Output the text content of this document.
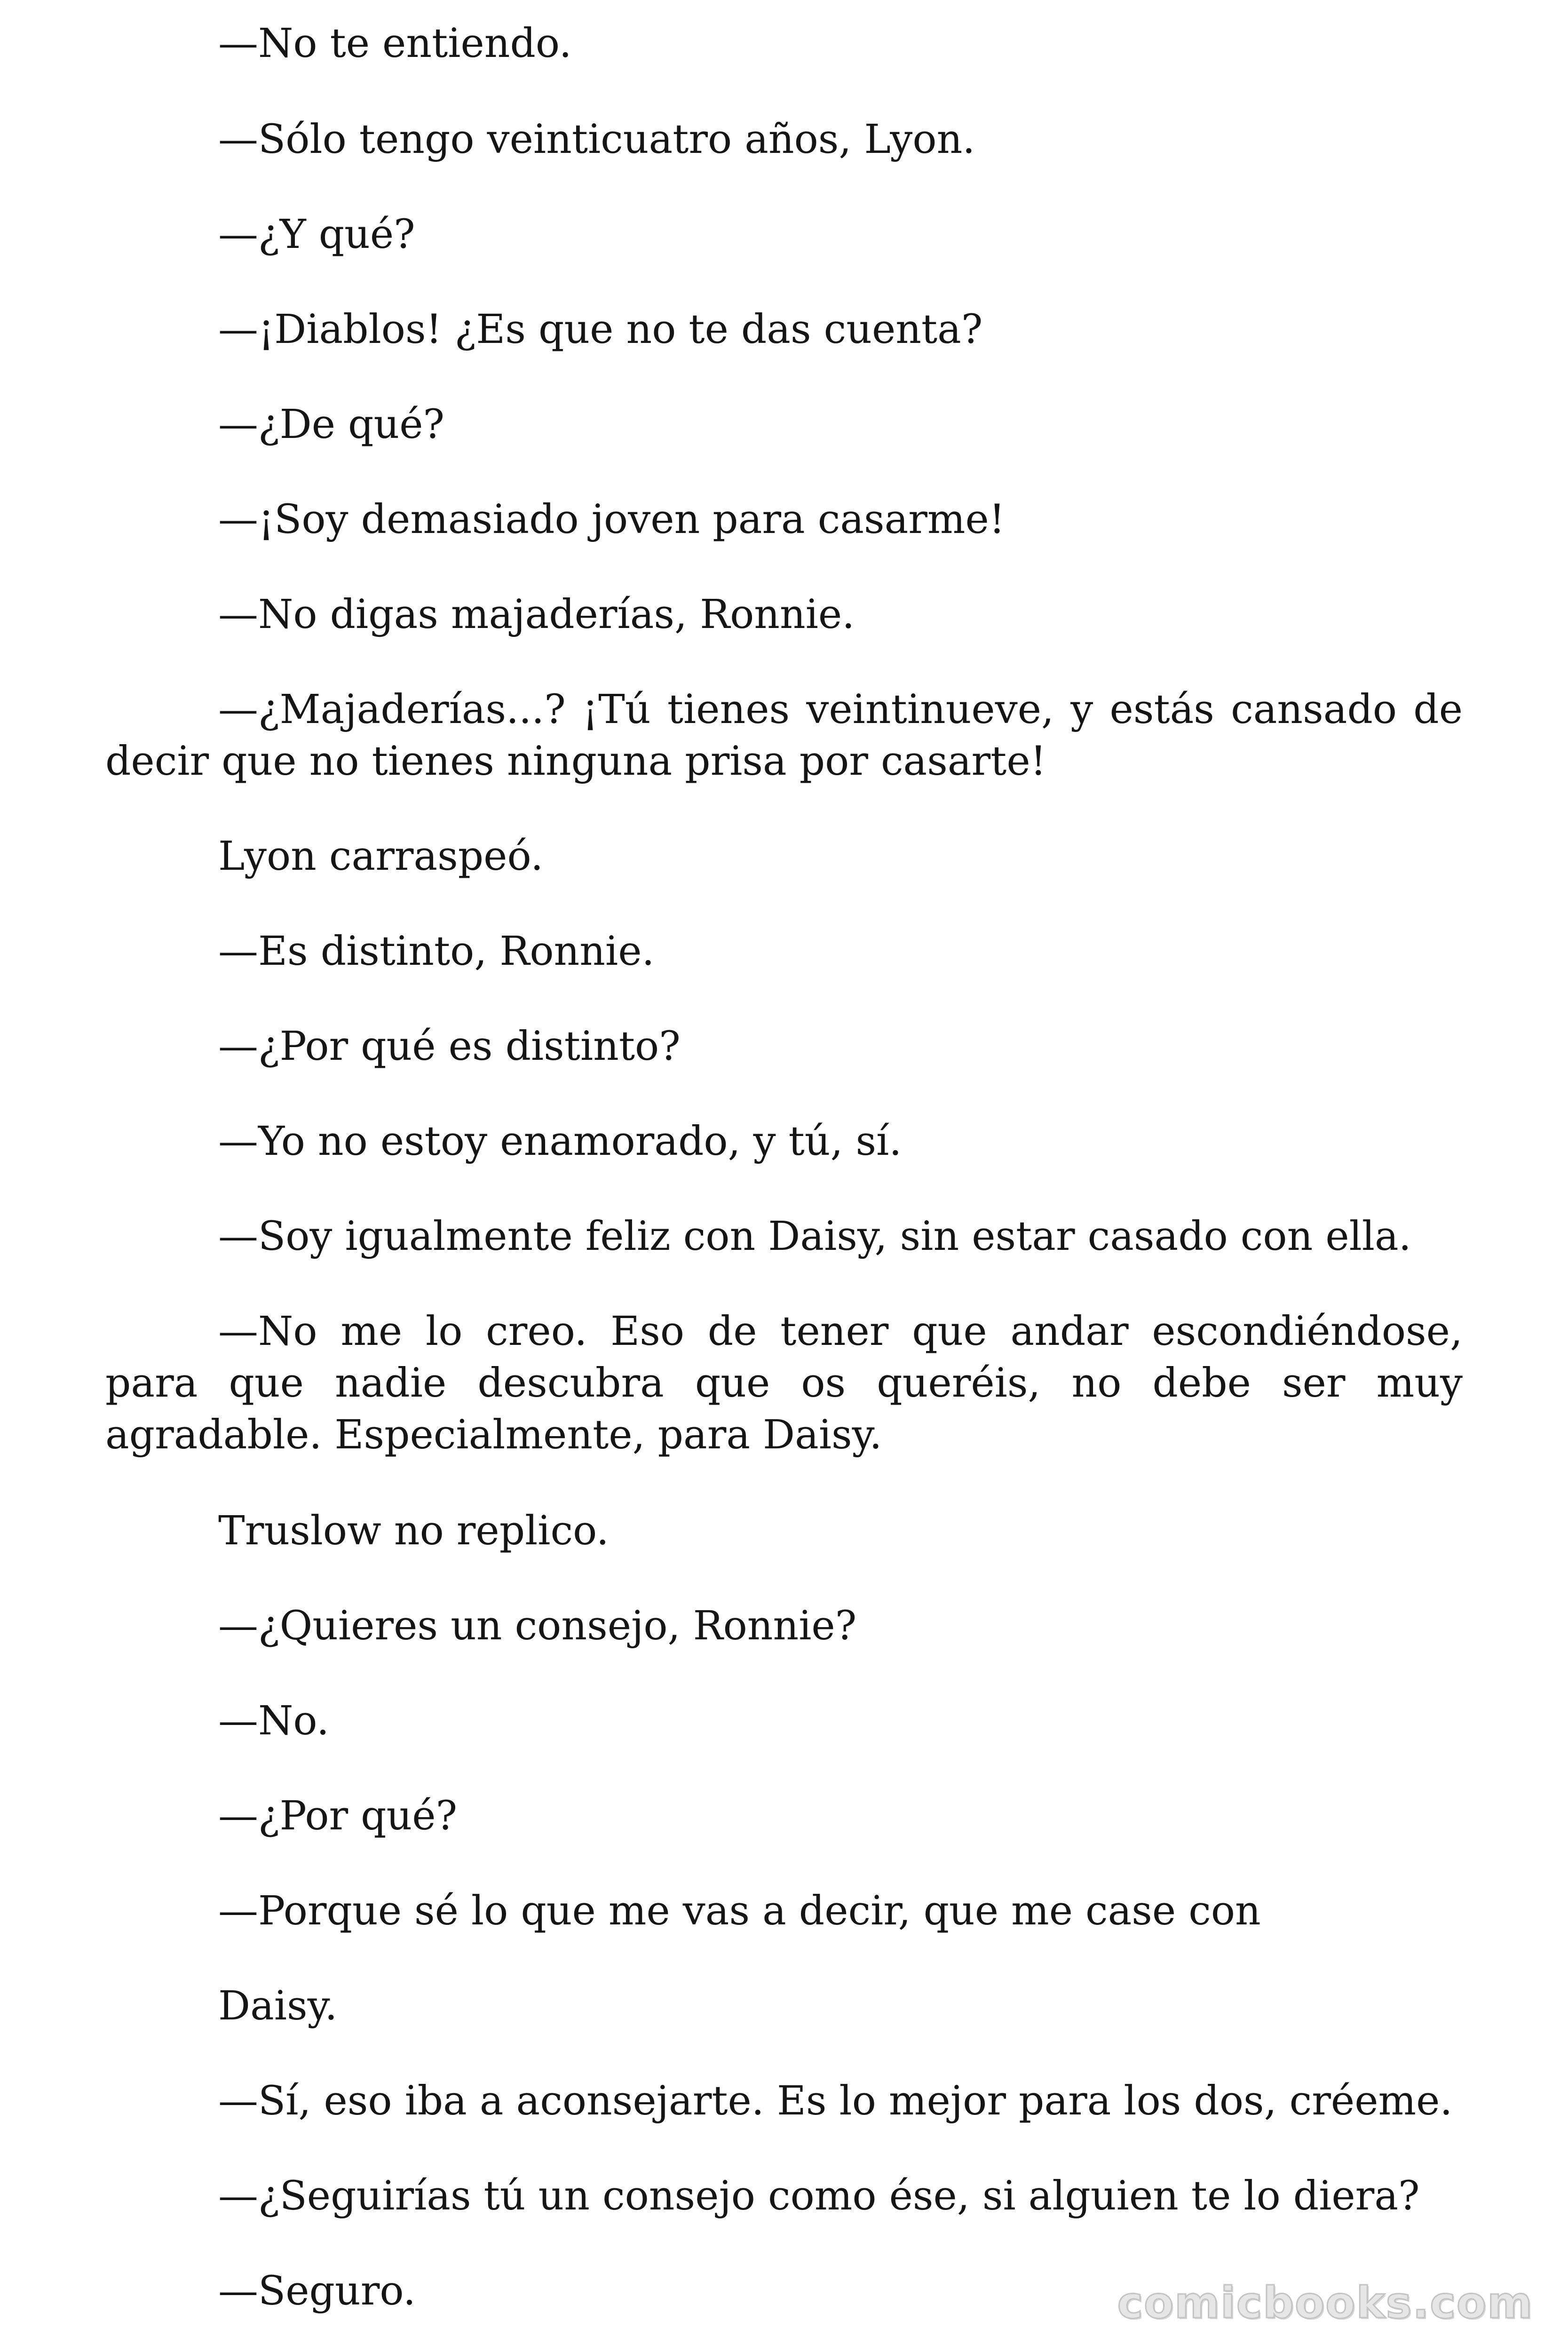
—No te entiendo.

—Sólo tengo veinticuatro años, Lyon.

—¿Y qué?

—¡Diablos! ¿Es que no te das cuenta?

—¿De qué?

—¡Soy demasiado joven para casarme!

—No digas majaderías, Ronnie.

—¿Majaderías...? ¡Tú tienes veintinueve, y estás cansado de decir que no tienes ninguna prisa por casarte!

Lyon carraspeó.

—Es distinto, Ronnie.

—¿Por qué es distinto?

—Yo no estoy enamorado, y tú, sí.

—Soy igualmente feliz con Daisy, sin estar casado con ella.

—No me lo creo. Eso de tener que andar escondiéndose, para que nadie descubra que os queréis, no debe ser muy agradable. Especialmente, para Daisy.

Truslow no replico.

—¿Quieres un consejo, Ronnie?

—No.

—¿Por qué?

—Porque sé lo que me vas a decir, que me case con

Daisy.

—Sí, eso iba a aconsejarte. Es lo mejor para los dos, créeme.

—¿Seguirías tú un consejo como ése, si alguien te lo diera?

—Seguro.	comicbooks.com
